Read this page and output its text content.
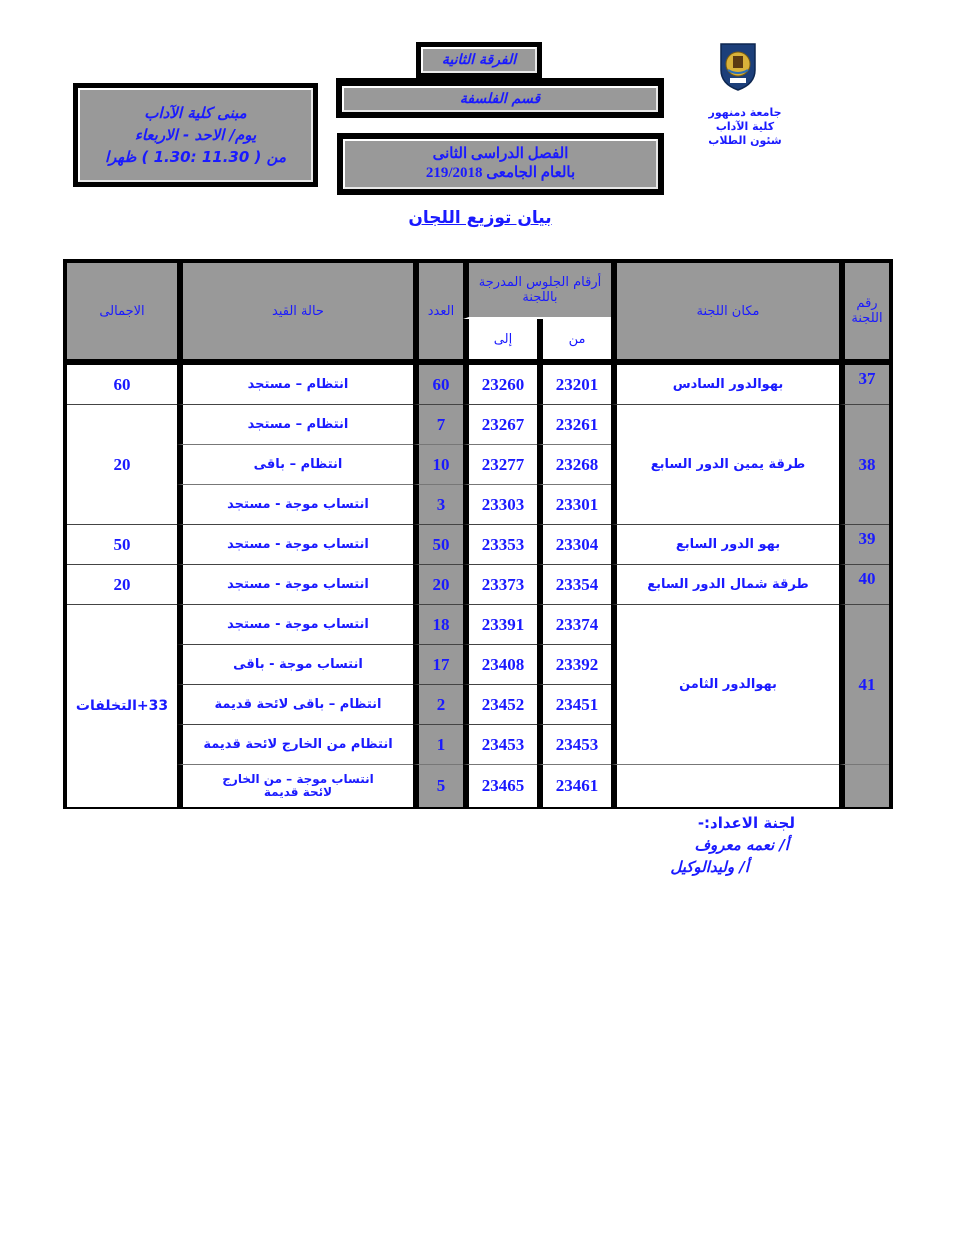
جامعة دمنهور
كلية الآداب
شئون الطلاب
الفرقة الثانية
قسم الفلسفة
الفصل الدراسى الثانى
بالعام الجامعى 219/2018
مبنى كلية الآداب
يوم/ الاحد - الاربعاء
من ( 11.30 :1.30 ) ظهرا
بيان توزيع اللجان
رقم اللجنة	مكان اللجنة	أرقام الجلوس المدرجة باللجنة		العدد	حالة القيد	الاجمالى
		من	إلى			

37	بهوالدور السادس	23201	23260	60	انتظام – مستجد	60
38	طرقة يمين الدور السابع	23261	23267	7	انتظام – مستجد	20
		23268	23277	10	انتظام – باقى	
		23301	23303	3	انتساب موجة - مستجد	
39	بهو الدور السابع	23304	23353	50	انتساب موجة - مستجد	50
40	طرقة شمال الدور السابع	23354	23373	20	انتساب موجة - مستجد	20
41	بهوالدور الثامن	23374	23391	18	انتساب موجة - مستجد	33+التخلفات
		23392	23408	17	انتساب موجة - باقى	
		23451	23452	2	انتظام – باقى لائحة قديمة	
		23453	23453	1	انتظام من الخارج لائحة قديمة	
		23461	23465	5	انتساب موجة – من الخارج لائحة قديمة	
لجنة الاعداد:-
أ/ نعمه معروف
أ/ وليدالوكيل
